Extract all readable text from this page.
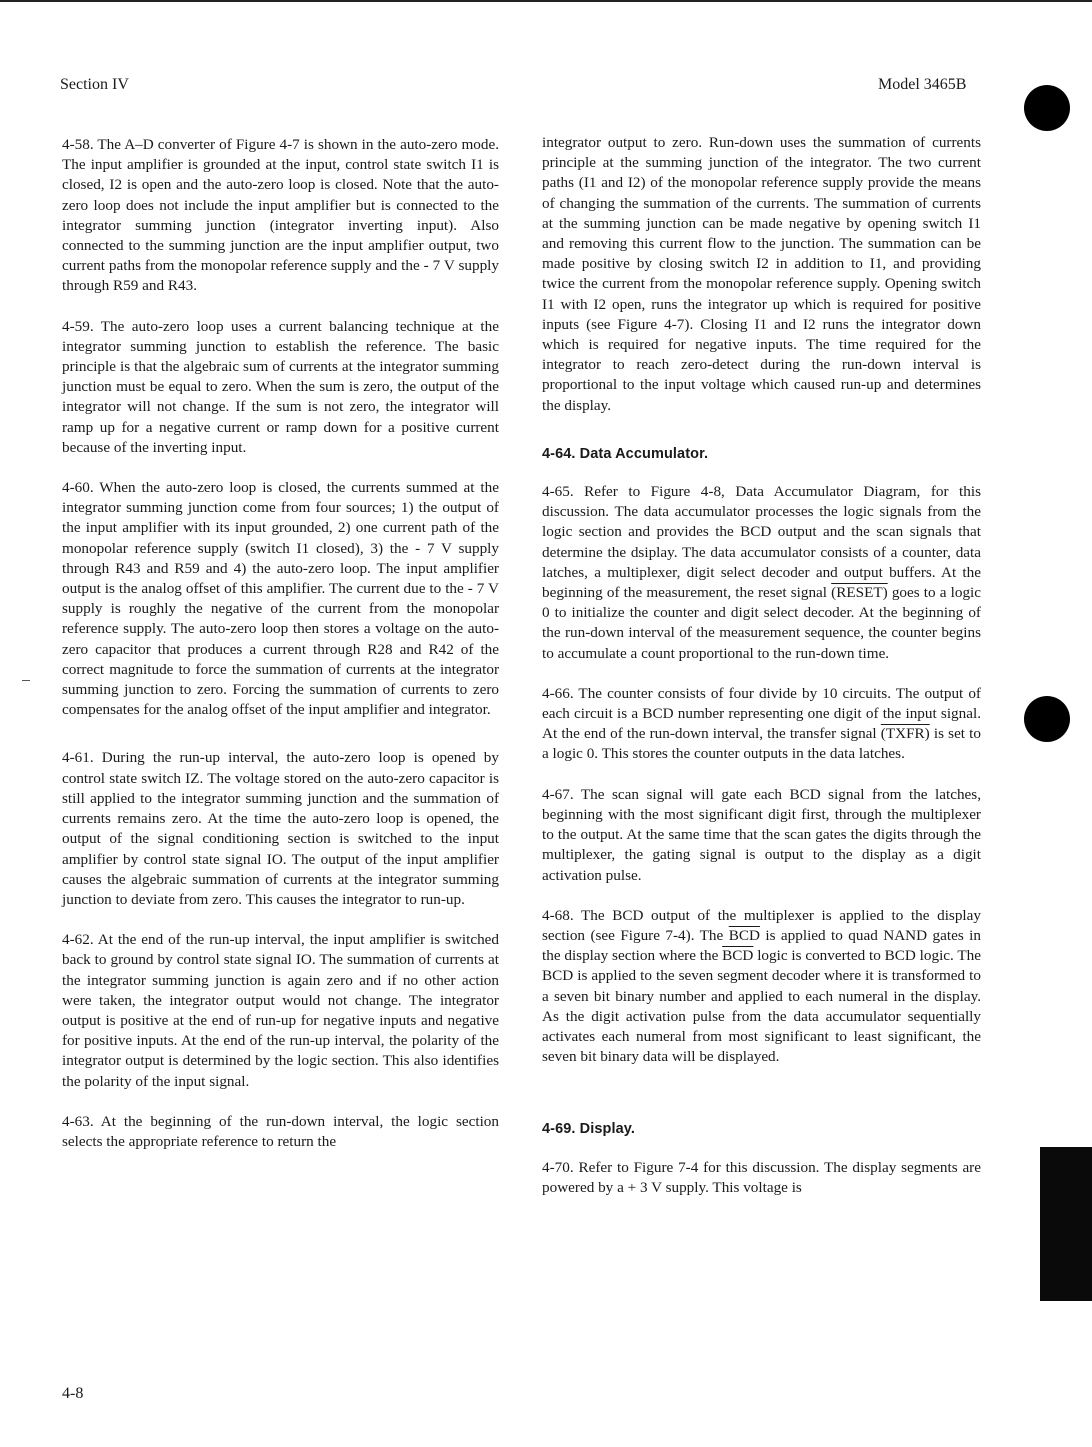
Section IV	Model 3465B

4-58. The A–D converter of Figure 4-7 is shown in the auto-zero mode. The input amplifier is grounded at the input, control state switch I1 is closed, I2 is open and the auto-zero loop is closed. Note that the auto-zero loop does not include the input amplifier but is connected to the integrator summing junction (integrator inverting input). Also connected to the summing junction are the input amplifier output, two current paths from the monopolar reference supply and the - 7 V supply through R59 and R43.

4-59. The auto-zero loop uses a current balancing technique at the integrator summing junction to establish the reference. The basic principle is that the algebraic sum of currents at the integrator summing junction must be equal to zero. When the sum is zero, the output of the integrator will not change. If the sum is not zero, the integrator will ramp up for a negative current or ramp down for a positive current because of the inverting input.

4-60. When the auto-zero loop is closed, the currents summed at the integrator summing junction come from four sources; 1) the output of the input amplifier with its input grounded, 2) one current path of the monopolar reference supply (switch I1 closed), 3) the - 7 V supply through R43 and R59 and 4) the auto-zero loop. The input amplifier output is the analog offset of this amplifier. The current due to the - 7 V supply is roughly the negative of the current from the monopolar reference supply. The auto-zero loop then stores a voltage on the auto-zero capacitor that produces a current through R28 and R42 of the correct magnitude to force the summation of currents at the integrator summing junction to zero. Forcing the summation of currents to zero compensates for the analog offset of the input amplifier and integrator.

4-61. During the run-up interval, the auto-zero loop is opened by control state switch IZ. The voltage stored on the auto-zero capacitor is still applied to the integrator summing junction and the summation of currents remains zero. At the time the auto-zero loop is opened, the output of the signal conditioning section is switched to the input amplifier by control state signal IO. The output of the input amplifier causes the algebraic summation of currents at the integrator summing junction to deviate from zero. This causes the integrator to run-up.

4-62. At the end of the run-up interval, the input amplifier is switched back to ground by control state signal IO. The summation of currents at the integrator summing junction is again zero and if no other action were taken, the integrator output would not change. The integrator output is positive at the end of run-up for negative inputs and negative for positive inputs. At the end of the run-up interval, the polarity of the integrator output is determined by the logic section. This also identifies the polarity of the input signal.

4-63. At the beginning of the run-down interval, the logic section selects the appropriate reference to return the

integrator output to zero. Run-down uses the summation of currents principle at the summing junction of the integrator. The two current paths (I1 and I2) of the monopolar reference supply provide the means of changing the summation of the currents. The summation of currents at the summing junction can be made negative by opening switch I1 and removing this current flow to the junction. The summation can be made positive by closing switch I2 in addition to I1, and providing twice the current from the monopolar reference supply. Opening switch I1 with I2 open, runs the integrator up which is required for positive inputs (see Figure 4-7). Closing I1 and I2 runs the integrator down which is required for negative inputs. The time required for the integrator to reach zero-detect during the run-down interval is proportional to the input voltage which caused run-up and determines the display.

4-64. Data Accumulator.

4-65. Refer to Figure 4-8, Data Accumulator Diagram, for this discussion. The data accumulator processes the logic signals from the logic section and provides the BCD output and the scan signals that determine the dsiplay. The data accumulator consists of a counter, data latches, a multiplexer, digit select decoder and output buffers. At the beginning of the measurement, the reset signal (RESET) goes to a logic 0 to initialize the counter and digit select decoder. At the beginning of the run-down interval of the measurement sequence, the counter begins to accumulate a count proportional to the run-down time.

4-66. The counter consists of four divide by 10 circuits. The output of each circuit is a BCD number representing one digit of the input signal. At the end of the run-down interval, the transfer signal (TXFR) is set to a logic 0. This stores the counter outputs in the data latches.

4-67. The scan signal will gate each BCD signal from the latches, beginning with the most significant digit first, through the multiplexer to the output. At the same time that the scan gates the digits through the multiplexer, the gating signal is output to the display as a digit activation pulse.

4-68. The BCD output of the multiplexer is applied to the display section (see Figure 7-4). The $\overline{BCD}$ is applied to quad NAND gates in the display section where the $\overline{BCD}$ logic is converted to BCD logic. The BCD is applied to the seven segment decoder where it is transformed to a seven bit binary number and applied to each numeral in the display. As the digit activation pulse from the data accumulator sequentially activates each numeral from most significant to least significant, the seven bit binary data will be displayed.

4-69. Display.

4-70. Refer to Figure 7-4 for this discussion. The display segments are powered by a + 3 V supply. This voltage is

4-8
